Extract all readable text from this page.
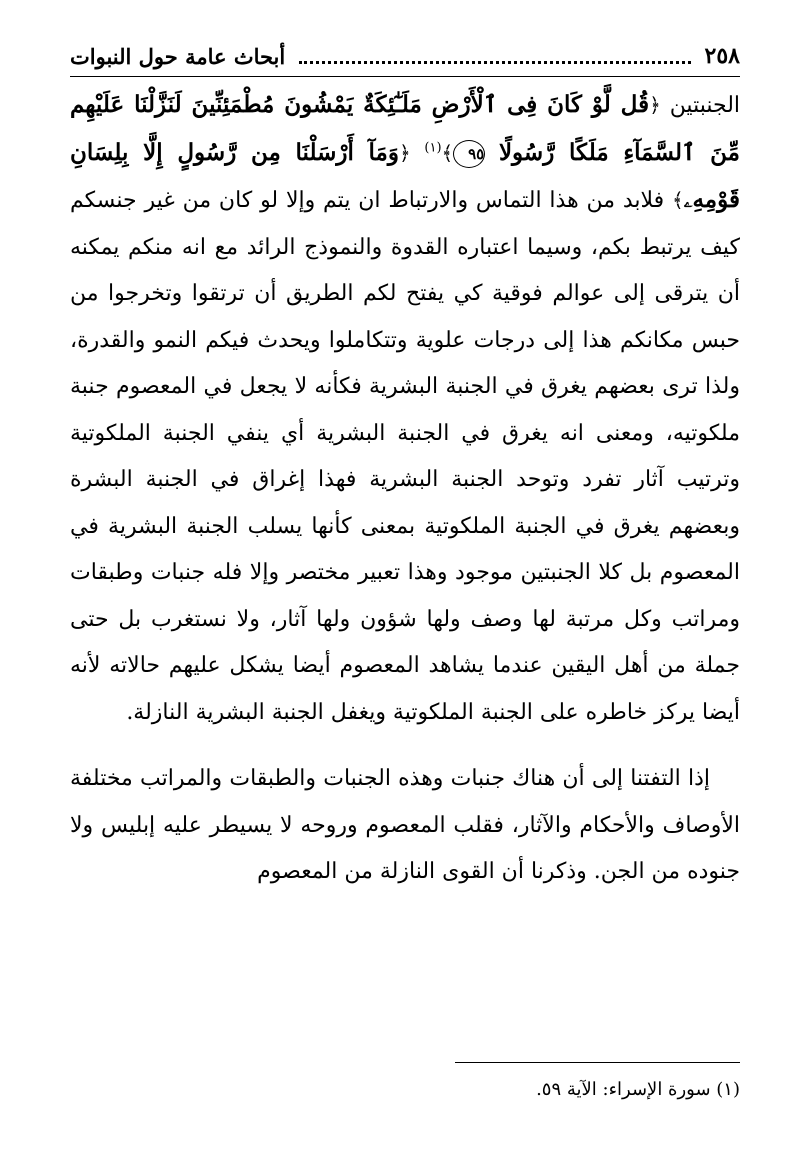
٢٥٨
أبحاث عامة حول النبوات

الجنبتين ﴿قُل لَّوْ كَانَ فِى ٱلْأَرْضِ مَلَـٰٓئِكَةٌ يَمْشُونَ مُطْمَئِنِّينَ لَنَزَّلْنَا عَلَيْهِم مِّنَ ٱلسَّمَآءِ مَلَكًا رَّسُولًا ٩٥﴾$^{(١)}$ ﴿وَمَآ أَرْسَلْنَا مِن رَّسُولٍ إِلَّا بِلِسَانِ قَوْمِهِۦ﴾ فلابد من هذا التماس والارتباط ان يتم وإلا لو كان من غير جنسكم كيف يرتبط بكم، وسيما اعتباره القدوة والنموذج الرائد مع انه منكم يمكنه أن يترقى إلى عوالم فوقية كي يفتح لكم الطريق أن ترتقوا وتخرجوا من حبس مكانكم هذا إلى درجات علوية وتتكاملوا ويحدث فيكم النمو والقدرة، ولذا ترى بعضهم يغرق في الجنبة البشرية فكأنه لا يجعل في المعصوم جنبة ملكوتيه، ومعنى انه يغرق في الجنبة البشرية أي ينفي الجنبة الملكوتية وترتيب آثار تفرد وتوحد الجنبة البشرية فهذا إغراق في الجنبة البشرة وبعضهم يغرق في الجنبة الملكوتية بمعنى كأنها يسلب الجنبة البشرية في المعصوم بل كلا الجنبتين موجود وهذا تعبير مختصر وإلا فله جنبات وطبقات ومراتب وكل مرتبة لها وصف ولها شؤون ولها آثار، ولا نستغرب بل حتى جملة من أهل اليقين عندما يشاهد المعصوم أيضا يشكل عليهم حالاته لأنه أيضا يركز خاطره على الجنبة الملكوتية ويغفل الجنبة البشرية النازلة.

إذا التفتنا إلى أن هناك جنبات وهذه الجنبات والطبقات والمراتب مختلفة الأوصاف والأحكام والآثار، فقلب المعصوم وروحه لا يسيطر عليه إبليس ولا جنوده من الجن. وذكرنا أن القوى النازلة من المعصوم

(١) سورة الإسراء: الآية ٥٩.
